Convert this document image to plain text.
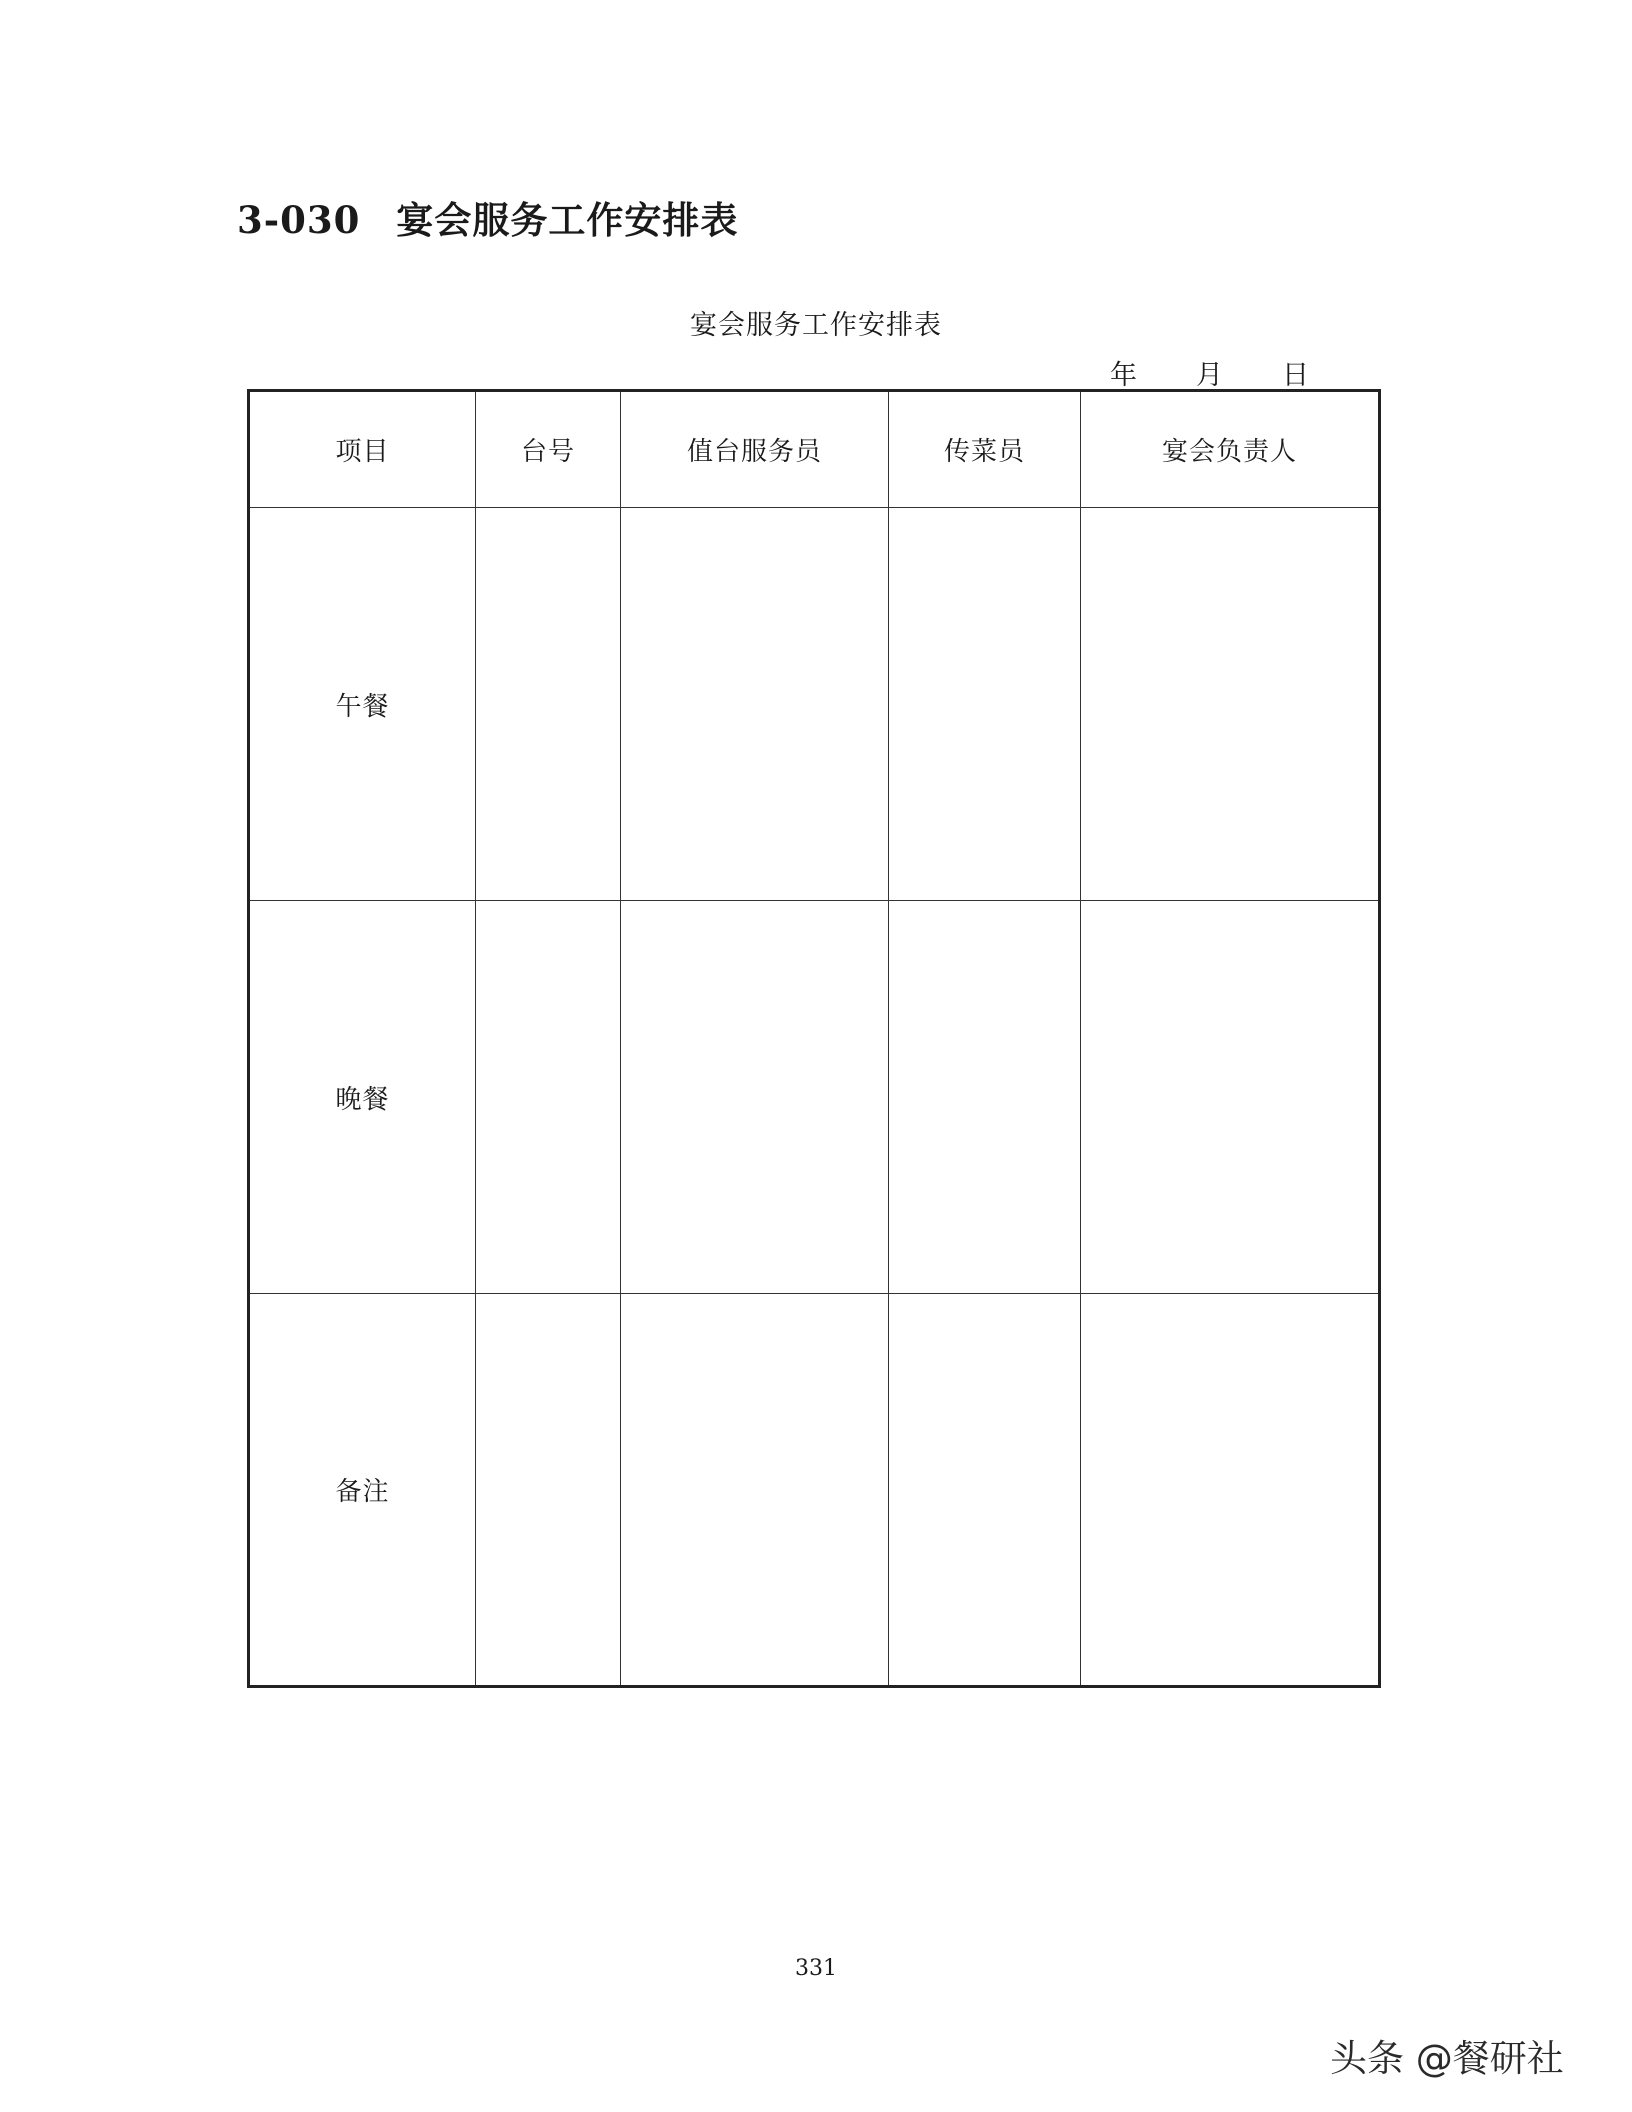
3-030 宴会服务工作安排表
宴会服务工作安排表
年 月 日
项目	台号	值台服务员	传菜员	宴会负责人
午餐				
晚餐				
备注				
331
头条 @餐研社
